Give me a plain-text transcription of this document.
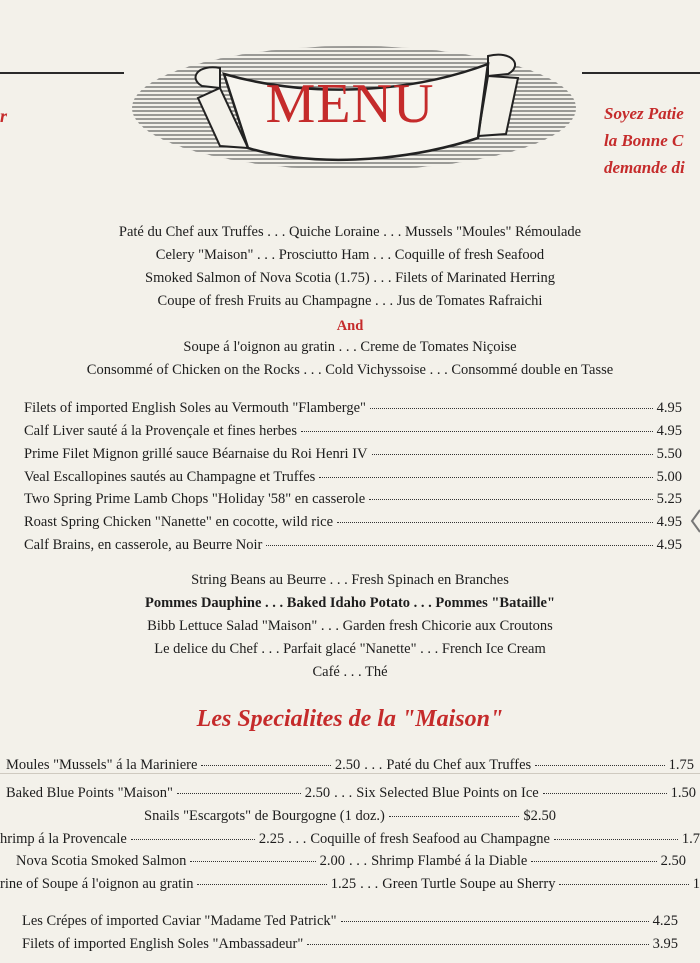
r	Soyez Patie
la Bonne C
demande di
MENU
Paté du Chef aux Truffes . . . Quiche Loraine . . . Mussels "Moules" Rémoulade
Celery "Maison" . . . Prosciutto Ham . . . Coquille of fresh Seafood
Smoked Salmon of Nova Scotia (1.75) . . . Filets of Marinated Herring
Coupe of fresh Fruits au Champagne . . . Jus de Tomates Rafraichi
And
Soupe á l'oignon au gratin . . . Creme de Tomates Niçoise
Consommé of Chicken on the Rocks . . . Cold Vichyssoise . . . Consommé double en Tasse
Filets of imported English Soles au Vermouth "Flamberge"	4.95
Calf Liver sauté á la Provençale et fines herbes	4.95
Prime Filet Mignon grillé sauce Béarnaise du Roi Henri IV	5.50
Veal Escallopines sautés au Champagne et Truffes	5.00
Two Spring Prime Lamb Chops "Holiday '58" en casserole	5.25
Roast Spring Chicken "Nanette" en cocotte, wild rice	4.95
Calf Brains, en casserole, au Beurre Noir	4.95
String Beans au Beurre . . . Fresh Spinach en Branches
Pommes Dauphine . . . Baked Idaho Potato . . . Pommes "Bataille"
Bibb Lettuce Salad "Maison" . . . Garden fresh Chicorie aux Croutons
Le delice du Chef . . . Parfait glacé "Nanette" . . . French Ice Cream
Café . . . Thé
Les Specialites de la "Maison"
Moules "Mussels" á la Mariniere	2.50 . . . Paté du Chef aux Truffes	1.75
Baked Blue Points "Maison"	2.50 . . . Six Selected Blue Points on Ice	1.50
Snails "Escargots" de Bourgogne (1 doz.)	$2.50
hrimp á la Provencale	2.25 . . . Coquille of fresh Seafood au Champagne	1.7
Nova Scotia Smoked Salmon	2.00 . . . Shrimp Flambé á la Diable	2.50
rine of Soupe á l'oignon au gratin	1.25 . . . Green Turtle Soupe au Sherry	1
Les Crépes of imported Caviar "Madame Ted Patrick"	4.25
Filets of imported English Soles "Ambassadeur"	3.95
